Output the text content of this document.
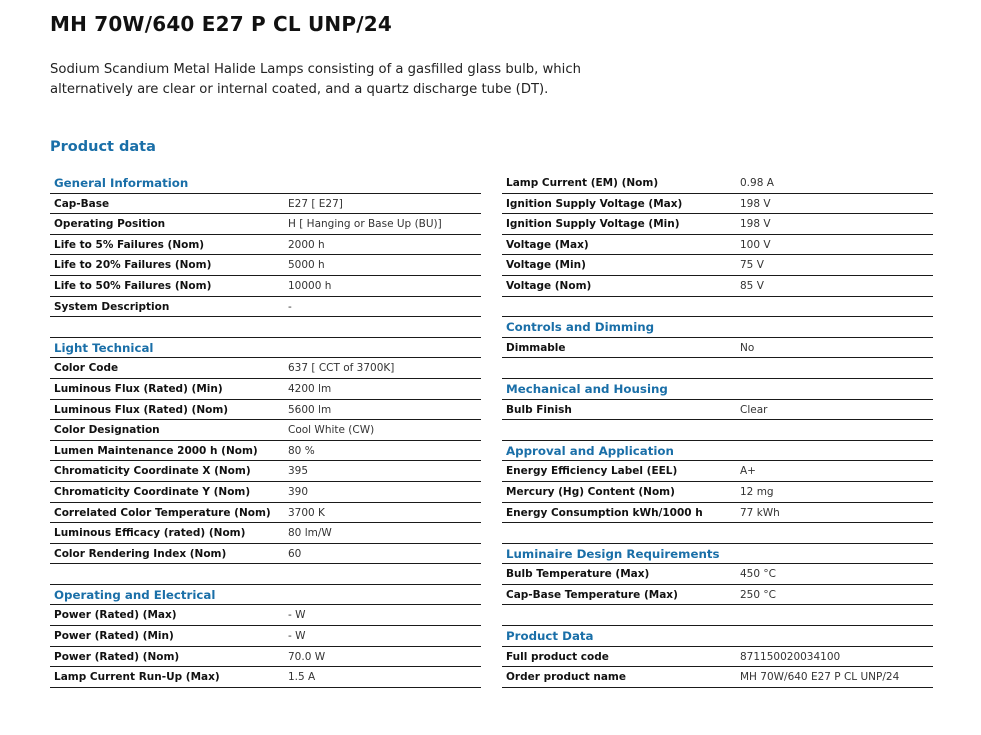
MH 70W/640 E27 P CL UNP/24

Sodium Scandium Metal Halide Lamps consisting of a gasfilled glass bulb, which alternatively are clear or internal coated, and a quartz discharge tube (DT).

Product data
General Information
Cap-Base	E27 [ E27]
Operating Position	H [ Hanging or Base Up (BU)]
Life to 5% Failures (Nom)	2000 h
Life to 20% Failures (Nom)	5000 h
Life to 50% Failures (Nom)	10000 h
System Description	-
Light Technical
Color Code	637 [ CCT of 3700K]
Luminous Flux (Rated) (Min)	4200 lm
Luminous Flux (Rated) (Nom)	5600 lm
Color Designation	Cool White (CW)
Lumen Maintenance 2000 h (Nom)	80 %
Chromaticity Coordinate X (Nom)	395
Chromaticity Coordinate Y (Nom)	390
Correlated Color Temperature (Nom) 3700 K
Luminous Efficacy (rated) (Nom)	80 lm/W
Color Rendering Index (Nom)	60
Operating and Electrical
Power (Rated) (Max)	- W
Power (Rated) (Min)	- W
Power (Rated) (Nom)	70.0 W
Lamp Current Run-Up (Max)	1.5 A
Lamp Current (EM) (Nom)	0.98 A
Ignition Supply Voltage (Max)	198 V
Ignition Supply Voltage (Min)	198 V
Voltage (Max)	100 V
Voltage (Min)	75 V
Voltage (Nom)	85 V
Controls and Dimming
Dimmable	No
Mechanical and Housing
Bulb Finish	Clear
Approval and Application
Energy Efficiency Label (EEL)	A+
Mercury (Hg) Content (Nom)	12 mg
Energy Consumption kWh/1000 h	77 kWh
Luminaire Design Requirements
Bulb Temperature (Max)	450 °C
Cap-Base Temperature (Max)	250 °C
Product Data
Full product code	871150020034100
Order product name	MH 70W/640 E27 P CL UNP/24
